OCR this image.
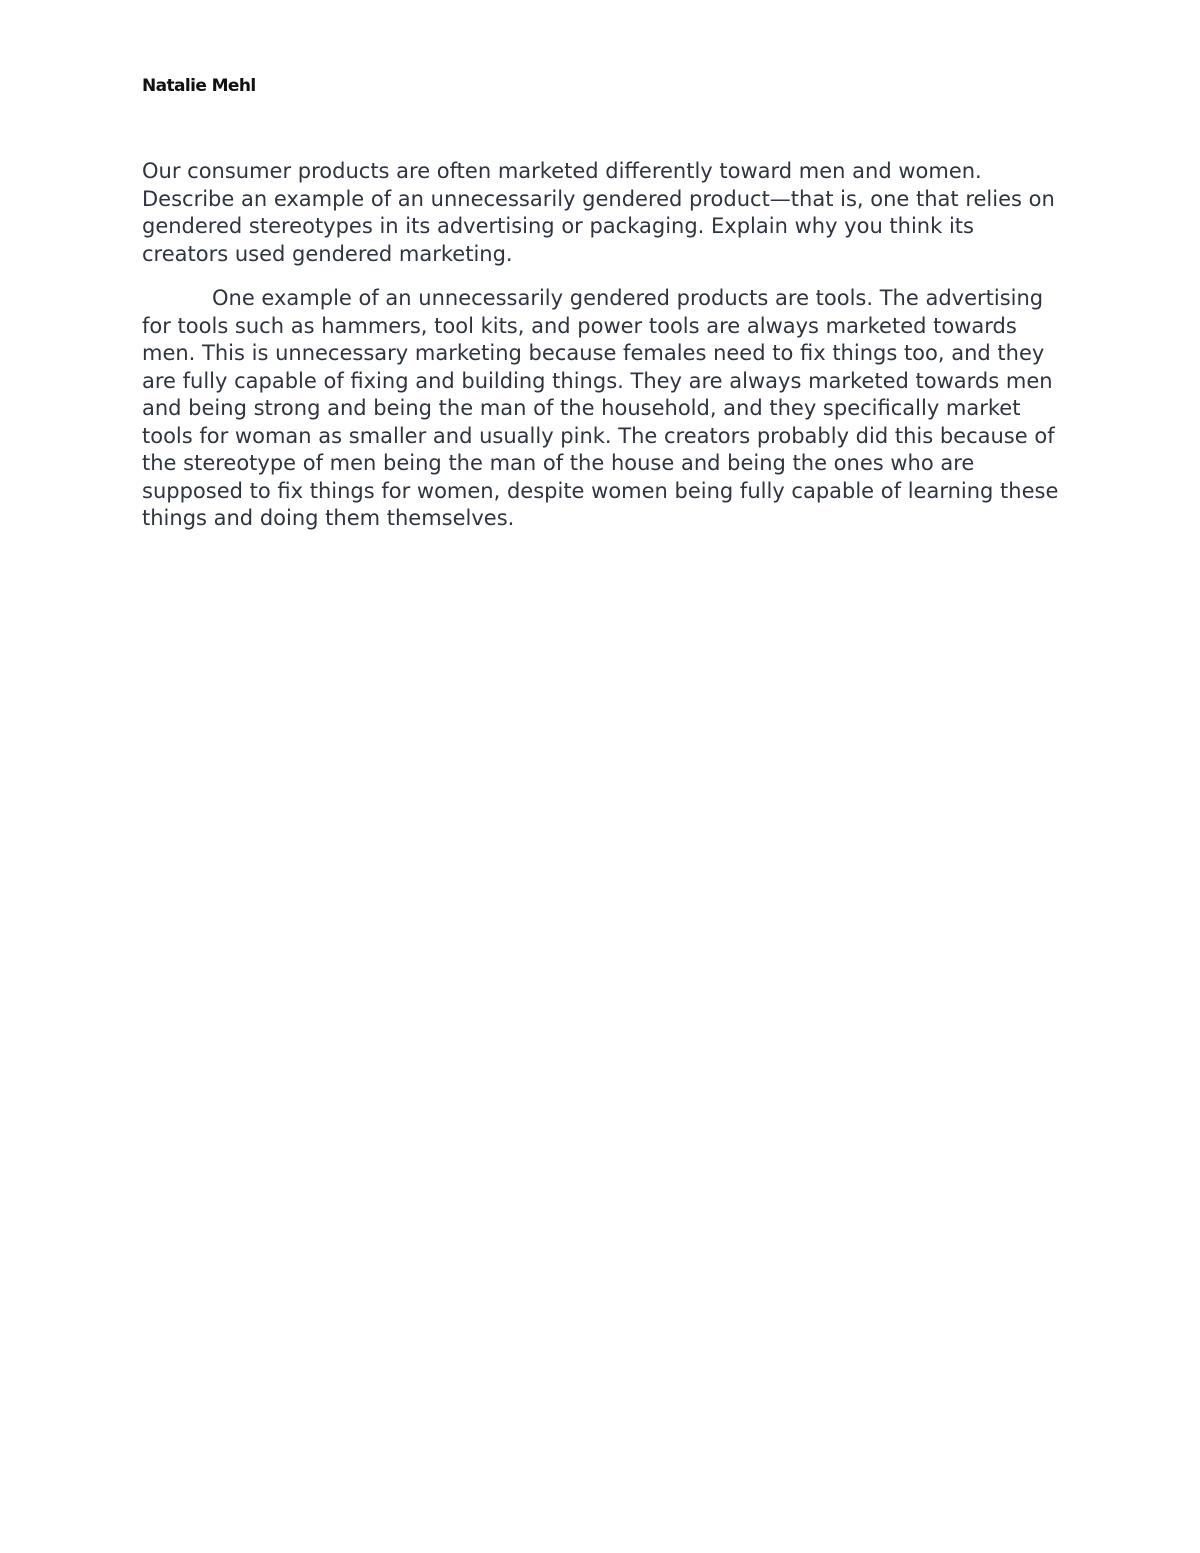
Natalie Mehl

Our consumer products are often marketed differently toward men and women. Describe an example of an unnecessarily gendered product—that is, one that relies on gendered stereotypes in its advertising or packaging. Explain why you think its creators used gendered marketing.

One example of an unnecessarily gendered products are tools. The advertising for tools such as hammers, tool kits, and power tools are always marketed towards men. This is unnecessary marketing because females need to fix things too, and they are fully capable of fixing and building things. They are always marketed towards men and being strong and being the man of the household, and they specifically market tools for woman as smaller and usually pink. The creators probably did this because of the stereotype of men being the man of the house and being the ones who are supposed to fix things for women, despite women being fully capable of learning these things and doing them themselves.
